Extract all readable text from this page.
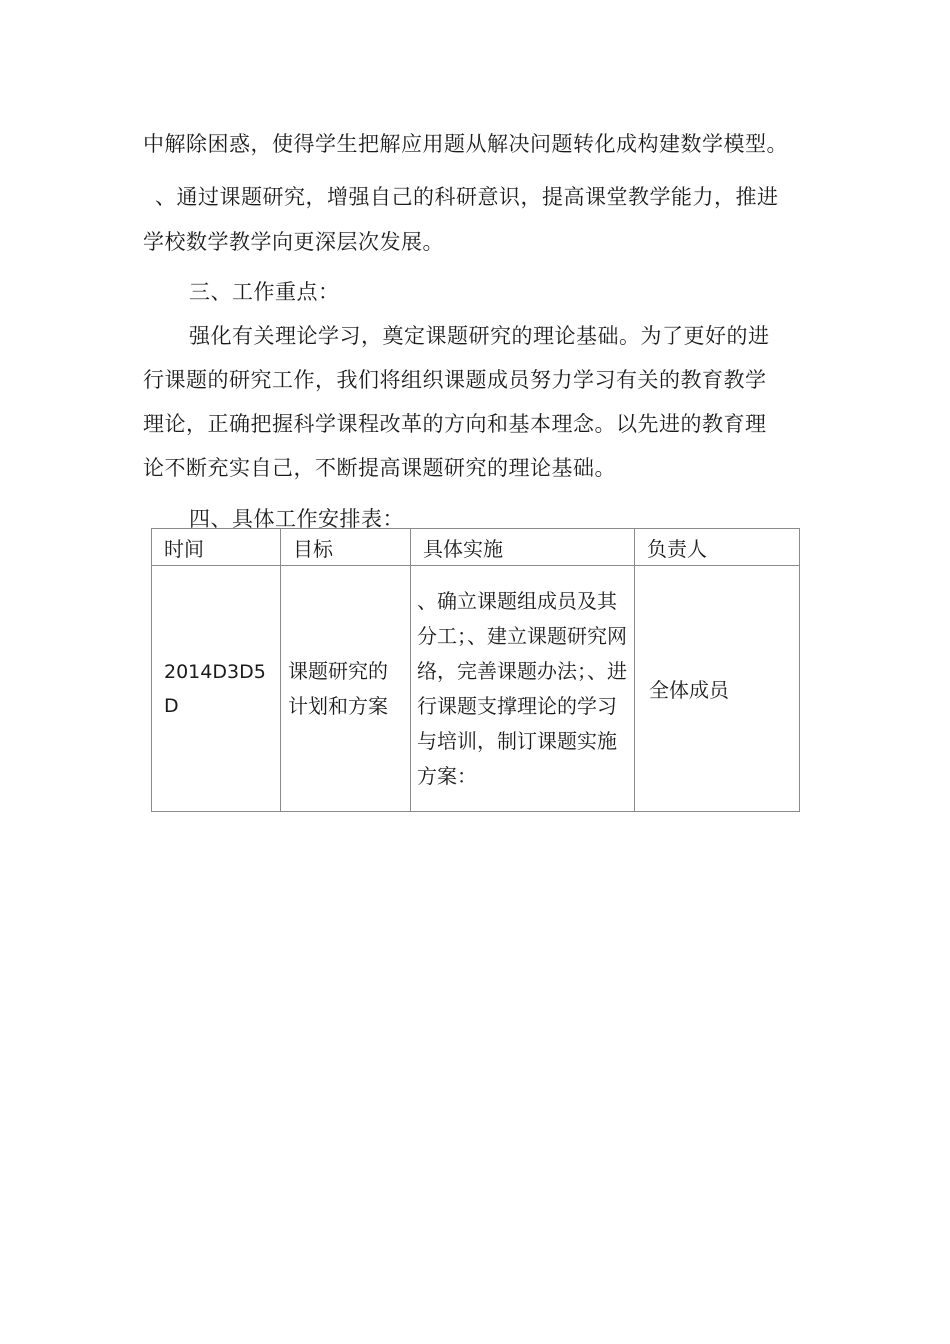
中解除困惑，使得学生把解应用题从解决问题转化成构建数学模型。
、通过课题研究，增强自己的科研意识，提高课堂教学能力，推进
学校数学教学向更深层次发展。
三、工作重点：
强化有关理论学习，奠定课题研究的理论基础。为了更好的进
行课题的研究工作，我们将组织课题成员努力学习有关的教育教学
理论，正确把握科学课程改革的方向和基本理念。以先进的教育理
论不断充实自己，不断提高课题研究的理论基础。
四、具体工作安排表：
时间	目标	具体实施	负责人

2014D3D5D	课题研究的计划和方案	、确立课题组成员及其分工；、建立课题研究网络，完善课题办法；、进行课题支撑理论的学习与培训，制订课题实施方案：	全体成员
